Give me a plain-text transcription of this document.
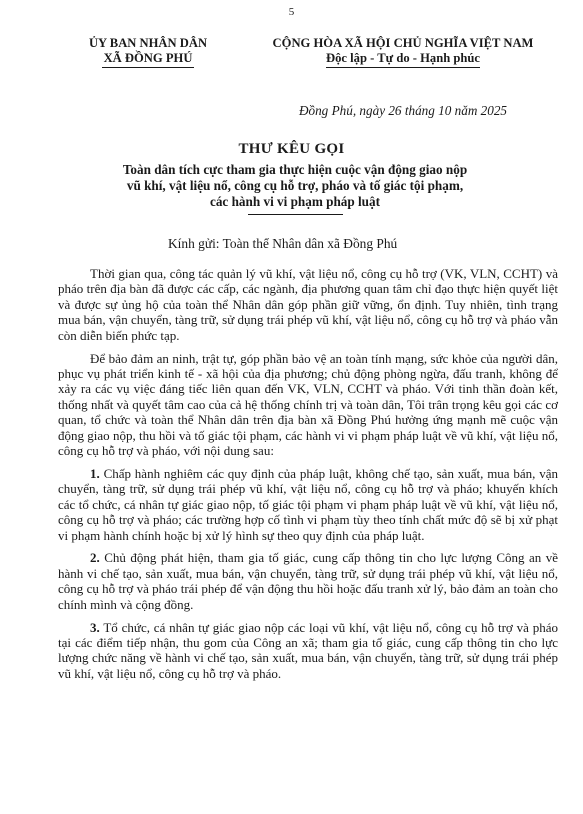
5
ỦY BAN NHÂN DÂN
XÃ ĐỒNG PHÚ
CỘNG HÒA XÃ HỘI CHỦ NGHĨA VIỆT NAM
Độc lập - Tự do - Hạnh phúc
Đồng Phú, ngày 26 tháng 10 năm 2025
THƯ KÊU GỌI
Toàn dân tích cực tham gia thực hiện cuộc vận động giao nộp
vũ khí, vật liệu nổ, công cụ hỗ trợ, pháo và tố giác tội phạm,
các hành vi vi phạm pháp luật
Kính gửi: Toàn thể Nhân dân xã Đồng Phú

Thời gian qua, công tác quản lý vũ khí, vật liệu nổ, công cụ hỗ trợ (VK, VLN, CCHT) và pháo trên địa bàn đã được các cấp, các ngành, địa phương quan tâm chỉ đạo thực hiện quyết liệt và được sự ủng hộ của toàn thể Nhân dân góp phần giữ vững, ổn định. Tuy nhiên, tình trạng mua bán, vận chuyển, tàng trữ, sử dụng trái phép vũ khí, vật liệu nổ, công cụ hỗ trợ và pháo vẫn còn diễn biến phức tạp.

Để bảo đảm an ninh, trật tự, góp phần bảo vệ an toàn tính mạng, sức khỏe của người dân, phục vụ phát triển kinh tế - xã hội của địa phương; chủ động phòng ngừa, đấu tranh, không để xảy ra các vụ việc đáng tiếc liên quan đến VK, VLN, CCHT và pháo. Với tinh thần đoàn kết, thống nhất và quyết tâm cao của cả hệ thống chính trị và toàn dân, Tôi trân trọng kêu gọi các cơ quan, tổ chức và toàn thể Nhân dân trên địa bàn xã Đồng Phú hưởng ứng mạnh mẽ cuộc vận động giao nộp, thu hồi và tố giác tội phạm, các hành vi vi phạm pháp luật về vũ khí, vật liệu nổ, công cụ hỗ trợ và pháo, với nội dung sau:

1. Chấp hành nghiêm các quy định của pháp luật, không chế tạo, sản xuất, mua bán, vận chuyển, tàng trữ, sử dụng trái phép vũ khí, vật liệu nổ, công cụ hỗ trợ và pháo; khuyến khích các tổ chức, cá nhân tự giác giao nộp, tố giác tội phạm vi phạm pháp luật về vũ khí, vật liệu nổ, công cụ hỗ trợ và pháo; các trường hợp cố tình vi phạm tùy theo tính chất mức độ sẽ bị xử phạt vi phạm hành chính hoặc bị xử lý hình sự theo quy định của pháp luật.

2. Chủ động phát hiện, tham gia tố giác, cung cấp thông tin cho lực lượng Công an về hành vi chế tạo, sản xuất, mua bán, vận chuyển, tàng trữ, sử dụng trái phép vũ khí, vật liệu nổ, công cụ hỗ trợ và pháo trái phép để vận động thu hồi hoặc đấu tranh xử lý, bảo đảm an toàn cho chính mình và cộng đồng.

3. Tổ chức, cá nhân tự giác giao nộp các loại vũ khí, vật liệu nổ, công cụ hỗ trợ và pháo tại các điểm tiếp nhận, thu gom của Công an xã; tham gia tố giác, cung cấp thông tin cho lực lượng chức năng về hành vi chế tạo, sản xuất, mua bán, vận chuyển, tàng trữ, sử dụng trái phép vũ khí, vật liệu nổ, công cụ hỗ trợ và pháo.
